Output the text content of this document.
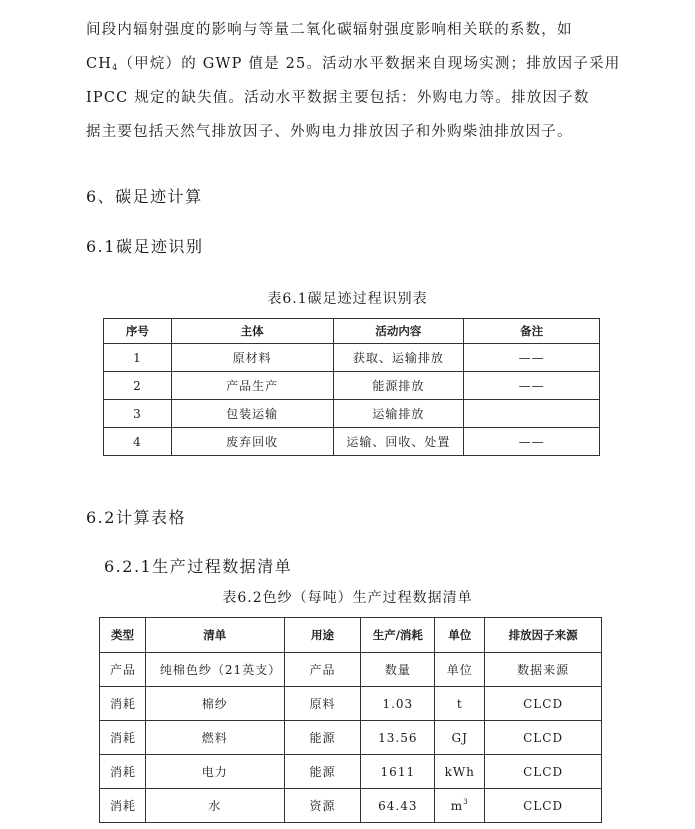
间段内辐射强度的影响与等量二氧化碳辐射强度影响相关联的系数，如
$CH_4$（甲烷）的 GWP 值是 25。活动水平数据来自现场实测；排放因子采用
IPCC 规定的缺失值。活动水平数据主要包括：外购电力等。排放因子数
据主要包括天然气排放因子、外购电力排放因子和外购柴油排放因子。
6、碳足迹计算
6.1碳足迹识别

表6.1碳足迹过程识别表

序号	主体	活动内容	备注
1	原材料	获取、运输排放	——
2	产品生产	能源排放	——
3	包装运输	运输排放	
4	废弃回收	运输、回收、处置	——
6.2计算表格
6.2.1生产过程数据清单

表6.2色纱（每吨）生产过程数据清单

类型	清单	用途	生产/消耗	单位	排放因子来源
产品	纯棉色纱（21英支）	产品	数量	单位	数据来源
消耗	棉纱	原料	1.03	t	CLCD
消耗	燃料	能源	13.56	GJ	CLCD
消耗	电力	能源	1611	kWh	CLCD
消耗	水	资源	64.43	$m^3$	CLCD
